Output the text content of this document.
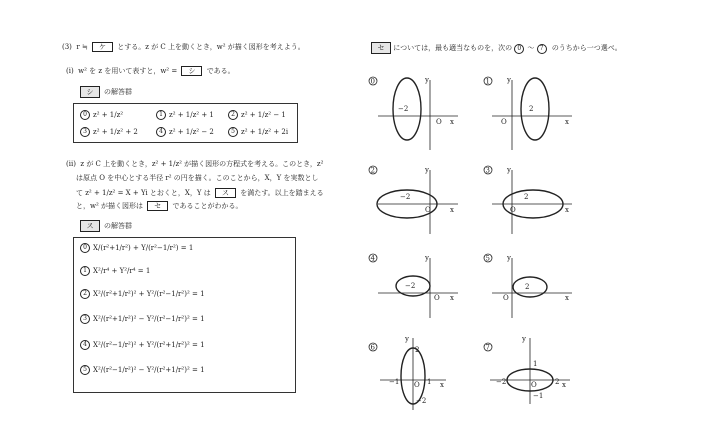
(3) r ≒ ケ とする。z が C 上を動くとき，w² が描く図形を考えよう。
(i) w² を z を用いて表すと，w² = シ である。
シ	の解答群
0 z² + 1/z²	1 z² + 1/z² + 1	2 z² + 1/z² − 1
3 z² + 1/z² + 2	4 z² + 1/z² − 2	5 z² + 1/z² + 2i
(ii) z が C 上を動くとき，z² + 1/z² が描く図形の方程式を考える。このとき，z²
は原点 O を中心とする半径 r² の円を描く。このことから，X，Y を実数とし
て z² + 1/z² = X + Yi とおくと，X，Y は ス を満たす。以上を踏まえる
と，w² が描く図形は セ であることがわかる。
ス	の解答群
0 X/(r²+1/r²) + Y/(r²−1/r²) = 1
1 X²/r⁴ + Y²/r⁴ = 1
2 X²/(r²+1/r²)² + Y²/(r²−1/r²)² = 1
3 X²/(r²+1/r²)² − Y²/(r²−1/r²)² = 1
4 X²/(r²−1/r²)² + Y²/(r²+1/r²)² = 1
5 X²/(r²−1/r²)² − Y²/(r²+1/r²)² = 1
セ については，最も適当なものを，次の 0 〜 7 のうちから一つ選べ。
0	y
x
O
−2
1 y
x
O
2
2	y
x
O
−2
3 y
x
O
2
4	y
x
O
−2
5 y
x
O
2
6
y
x
O
2
−1	1
−2
7
y
x
O
1
−2	2
−1
